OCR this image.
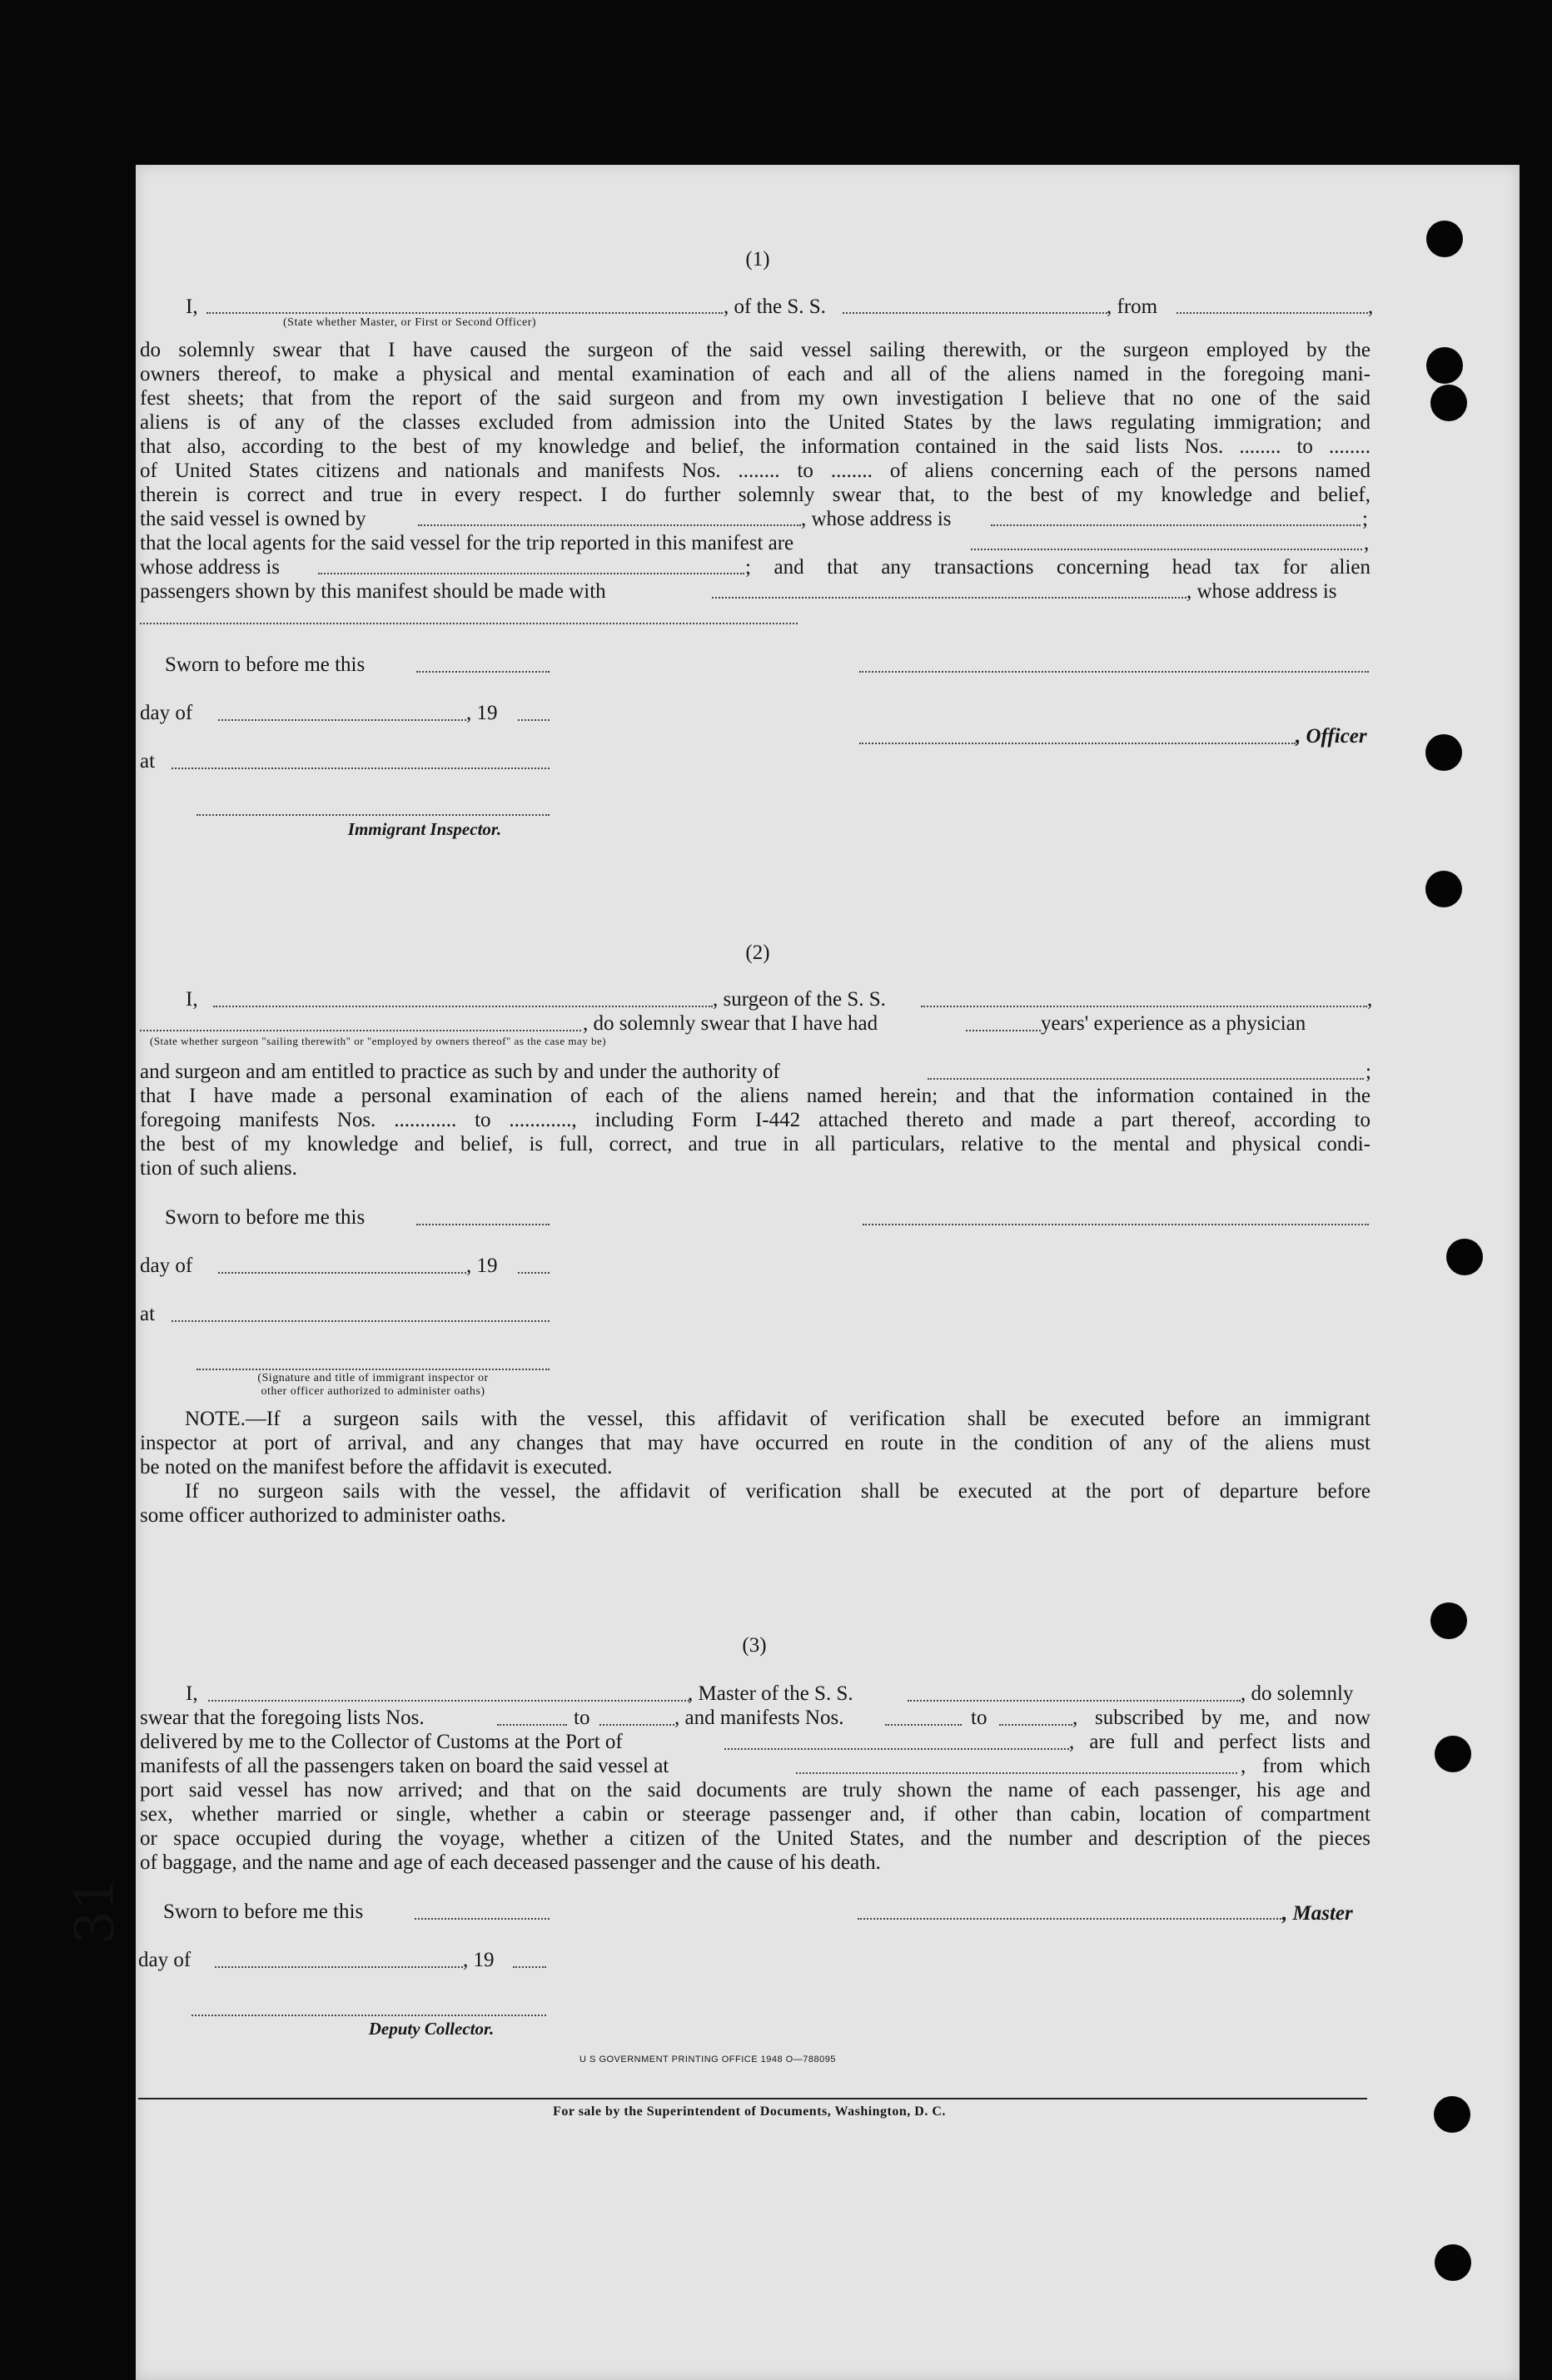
(1)
I,
(State whether Master, or First or Second Officer)
, of the S. S.	, from	,
do solemnly swear that I have caused the surgeon of the said vessel sailing therewith, or the surgeon employed by the
owners thereof, to make a physical and mental examination of each and all of the aliens named in the foregoing mani-
fest sheets; that from the report of the said surgeon and from my own investigation I believe that no one of the said
aliens is of any of the classes excluded from admission into the United States by the laws regulating immigration; and
that also, according to the best of my knowledge and belief, the information contained in the said lists Nos. ........ to ........
of United States citizens and nationals and manifests Nos. ........ to ........ of aliens concerning each of the persons named
therein is correct and true in every respect. I do further solemnly swear that, to the best of my knowledge and belief,
the said vessel is owned by	, whose address is	;
that the local agents for the said vessel for the trip reported in this manifest are	,
whose address is	; and that any transactions concerning head tax for alien
passengers shown by this manifest should be made with	, whose address is
Sworn to before me this
day of	, 19
, Officer
at
Immigrant Inspector.
(2)
I,	, surgeon of the S. S.	,
(State whether surgeon "sailing therewith" or "employed by owners thereof" as the case may be)
, do solemnly swear that I have had	years' experience as a physician
and surgeon and am entitled to practice as such by and under the authority of	;
that I have made a personal examination of each of the aliens named herein; and that the information contained in the
foregoing manifests Nos. ............ to ............, including Form I-442 attached thereto and made a part thereof, according to
the best of my knowledge and belief, is full, correct, and true in all particulars, relative to the mental and physical condi-
tion of such aliens.
Sworn to before me this
day of	, 19
at
(Signature and title of immigrant inspector or
other officer authorized to administer oaths)
NOTE.—If a surgeon sails with the vessel, this affidavit of verification shall be executed before an immigrant
inspector at port of arrival, and any changes that may have occurred en route in the condition of any of the aliens must
be noted on the manifest before the affidavit is executed.
If no surgeon sails with the vessel, the affidavit of verification shall be executed at the port of departure before
some officer authorized to administer oaths.
(3)
I,	, Master of the S. S.	, do solemnly
swear that the foregoing lists Nos.	to	, and manifests Nos.	to	, subscribed by me, and now
delivered by me to the Collector of Customs at the Port of	, are full and perfect lists and
manifests of all the passengers taken on board the said vessel at	, from which
port said vessel has now arrived; and that on the said documents are truly shown the name of each passenger, his age and
sex, whether married or single, whether a cabin or steerage passenger and, if other than cabin, location of compartment
or space occupied during the voyage, whether a citizen of the United States, and the number and description of the pieces
of baggage, and the name and age of each deceased passenger and the cause of his death.
Sworn to before me this	, Master
day of	, 19
Deputy Collector.
U S GOVERNMENT PRINTING OFFICE 1948 O—788095
For sale by the Superintendent of Documents, Washington, D. C.
31
